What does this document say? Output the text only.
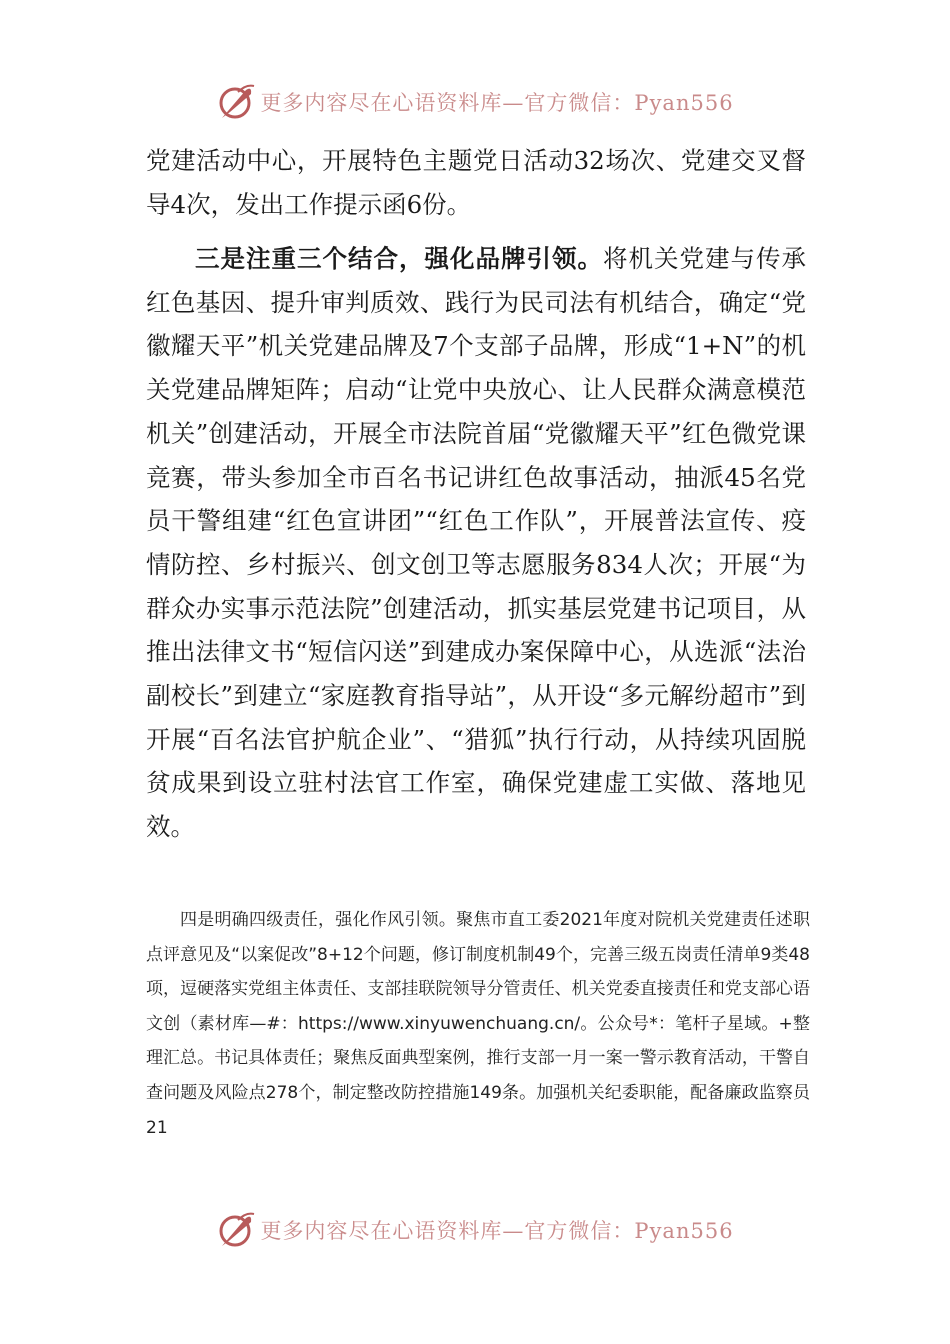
更多内容尽在心语资料库—官方微信：Pyan556

党建活动中心，开展特色主题党日活动32场次、党建交叉督导4次，发出工作提示函6份。

三是注重三个结合，强化品牌引领。将机关党建与传承红色基因、提升审判质效、践行为民司法有机结合，确定“党徽耀天平”机关党建品牌及7个支部子品牌，形成“1+N”的机关党建品牌矩阵；启动“让党中央放心、让人民群众满意模范机关”创建活动，开展全市法院首届“党徽耀天平”红色微党课竞赛，带头参加全市百名书记讲红色故事活动，抽派45名党员干警组建“红色宣讲团”“红色工作队”，开展普法宣传、疫情防控、乡村振兴、创文创卫等志愿服务834人次；开展“为群众办实事示范法院”创建活动，抓实基层党建书记项目，从推出法律文书“短信闪送”到建成办案保障中心，从选派“法治副校长”到建立“家庭教育指导站”，从开设“多元解纷超市”到开展“百名法官护航企业”、“猎狐”执行行动，从持续巩固脱贫成果到设立驻村法官工作室，确保党建虚工实做、落地见效。

四是明确四级责任，强化作风引领。聚焦市直工委2021年度对院机关党建责任述职点评意见及“以案促改”8+12个问题，修订制度机制49个，完善三级五岗责任清单9类48项，逗硬落实党组主体责任、支部挂联院领导分管责任、机关党委直接责任和党支部心语文创（素材库—#：https://www.xinyuwenchuang.cn/。公众号*：笔杆子星域。+整理汇总。书记具体责任；聚焦反面典型案例，推行支部一月一案一警示教育活动，干警自查问题及风险点278个，制定整改防控措施149条。加强机关纪委职能，配备廉政监察员21
更多内容尽在心语资料库—官方微信：Pyan556
